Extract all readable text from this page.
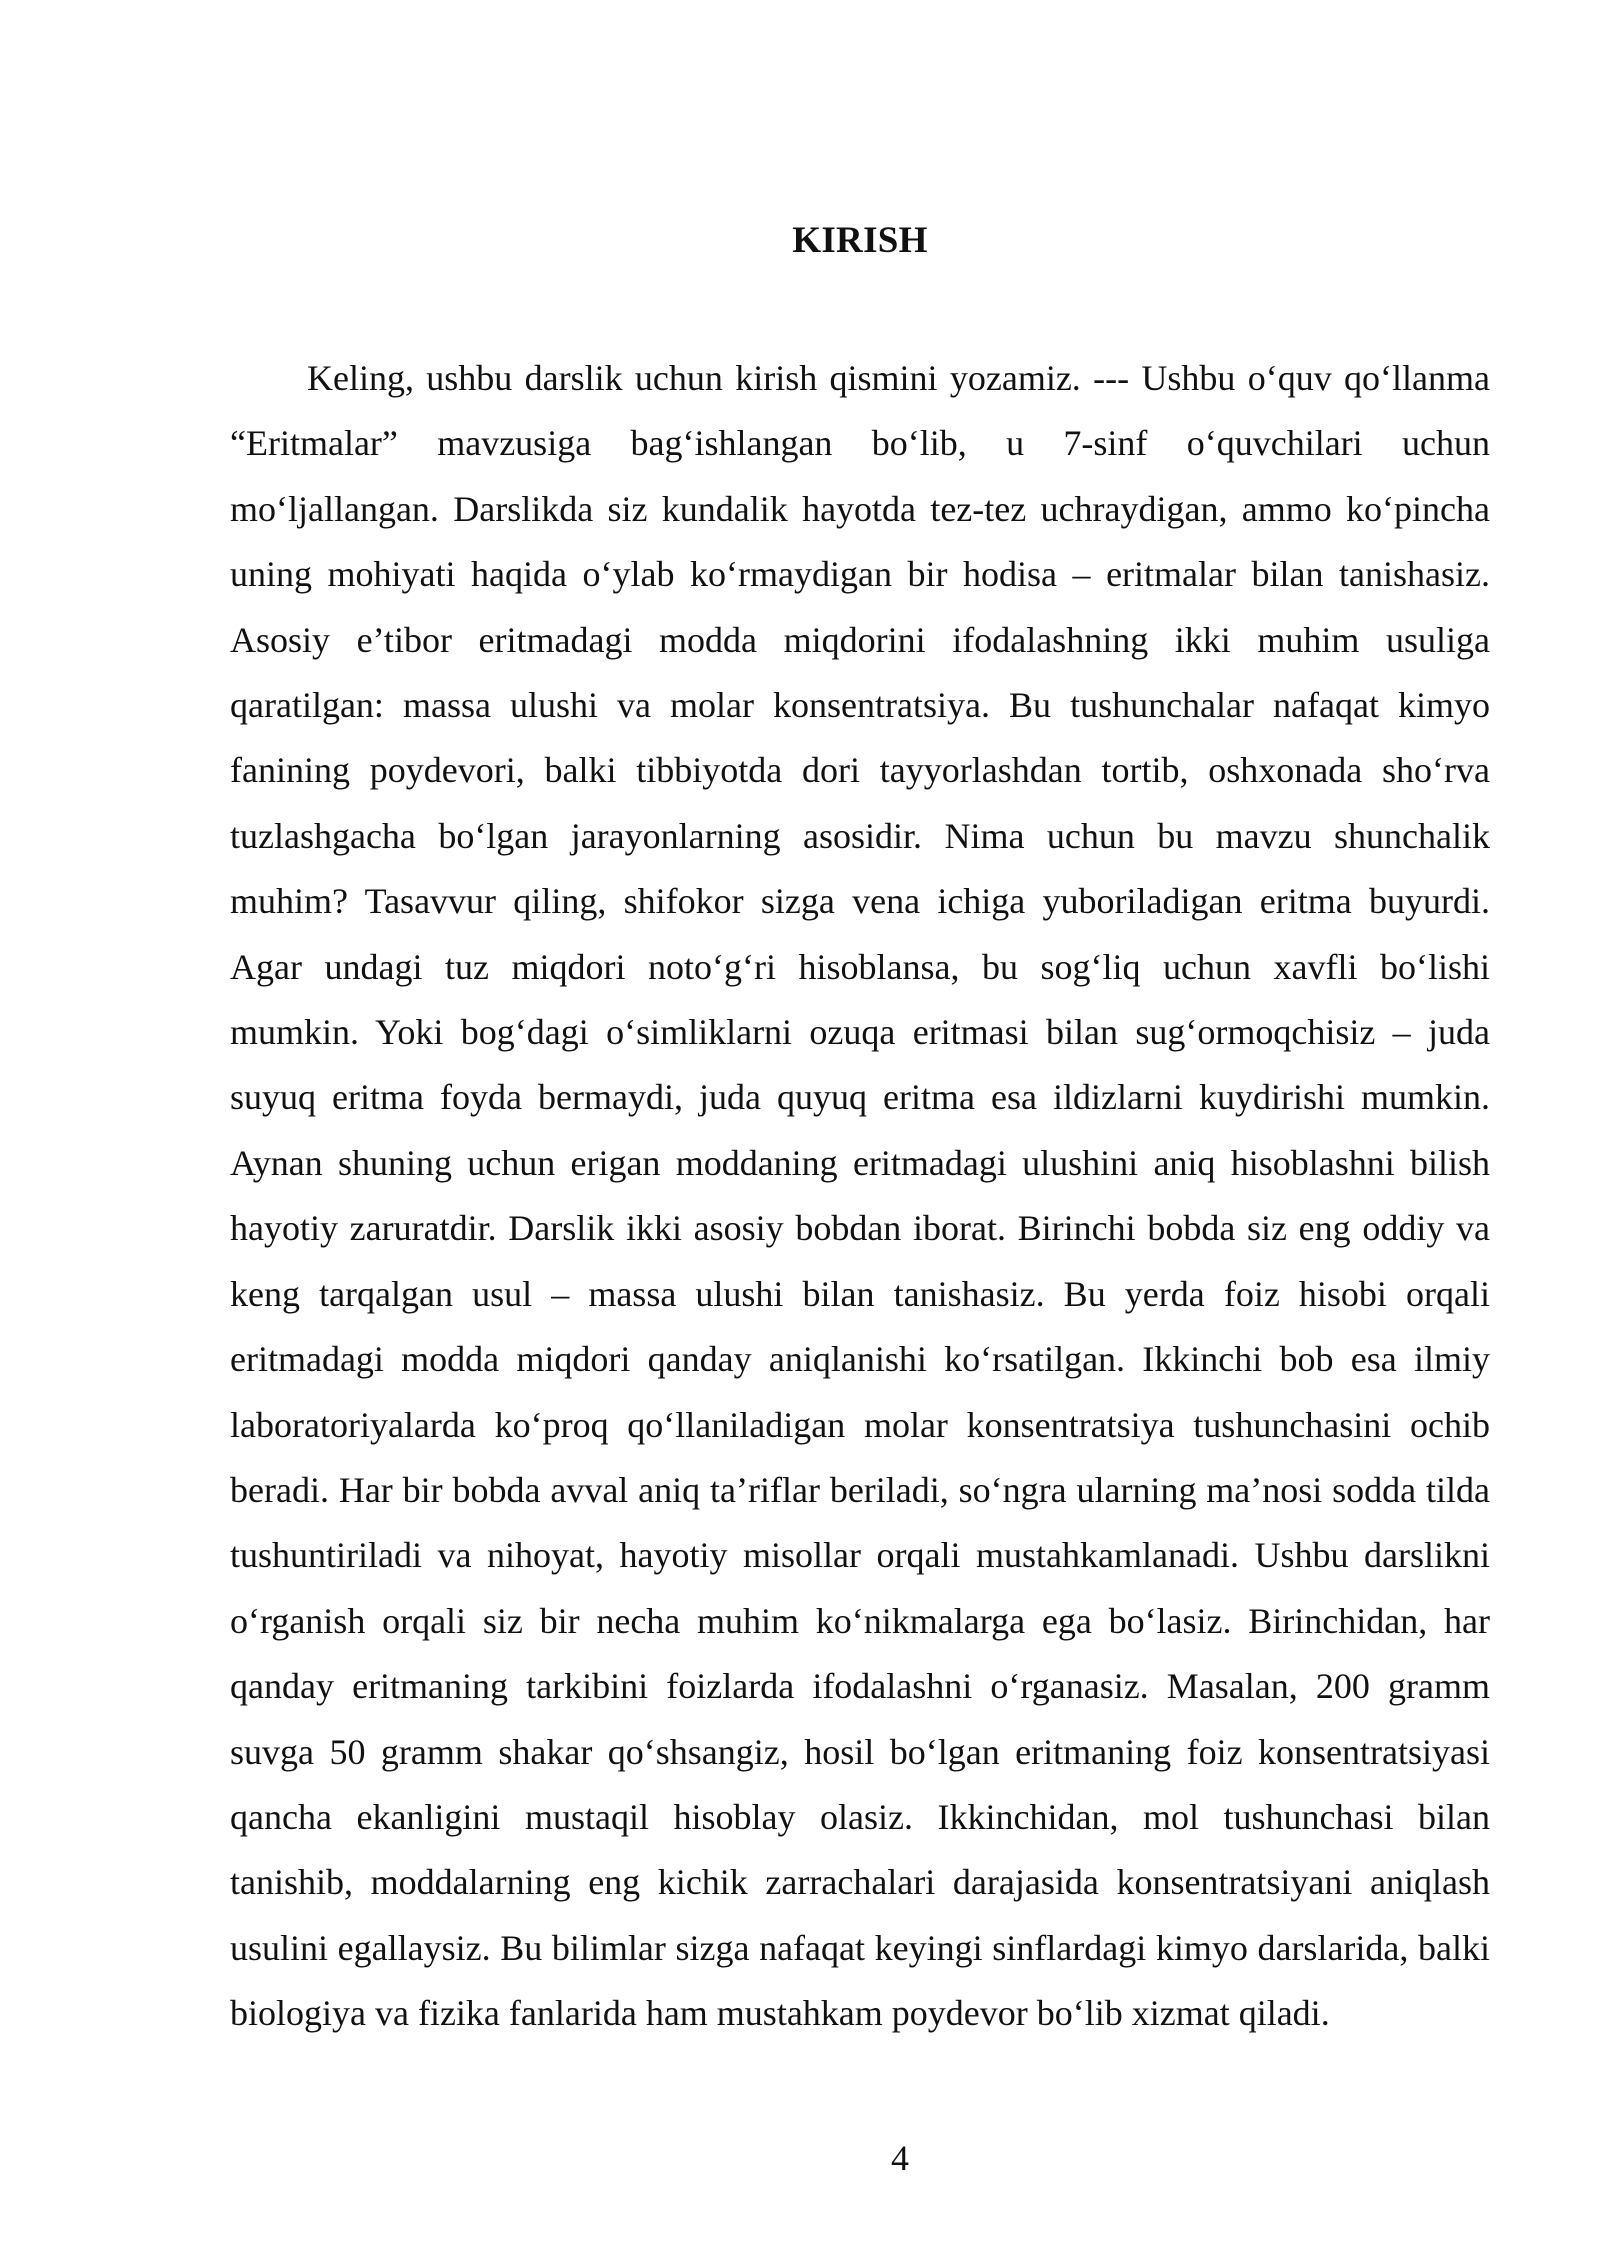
KIRISH

Keling, ushbu darslik uchun kirish qismini yozamiz. --- Ushbu o‘quv qo‘llanma “Eritmalar” mavzusiga bag‘ishlangan bo‘lib, u 7-sinf o‘quvchilari uchun mo‘ljallangan. Darslikda siz kundalik hayotda tez-tez uchraydigan, ammo ko‘pincha uning mohiyati haqida o‘ylab ko‘rmaydigan bir hodisa – eritmalar bilan tanishasiz. Asosiy e’tibor eritmadagi modda miqdorini ifodalashning ikki muhim usuliga qaratilgan: massa ulushi va molar konsentratsiya. Bu tushunchalar nafaqat kimyo fanining poydevori, balki tibbiyotda dori tayyorlashdan tortib, oshxonada sho‘rva tuzlashgacha bo‘lgan jarayonlarning asosidir. Nima uchun bu mavzu shunchalik muhim? Tasavvur qiling, shifokor sizga vena ichiga yuboriladigan eritma buyurdi. Agar undagi tuz miqdori noto‘g‘ri hisoblansa, bu sog‘liq uchun xavfli bo‘lishi mumkin. Yoki bog‘dagi o‘simliklarni ozuqa eritmasi bilan sug‘ormoqchisiz – juda suyuq eritma foyda bermaydi, juda quyuq eritma esa ildizlarni kuydirishi mumkin. Aynan shuning uchun erigan moddaning eritmadagi ulushini aniq hisoblashni bilish hayotiy zaruratdir. Darslik ikki asosiy bobdan iborat. Birinchi bobda siz eng oddiy va keng tarqalgan usul – massa ulushi bilan tanishasiz. Bu yerda foiz hisobi orqali eritmadagi modda miqdori qanday aniqlanishi ko‘rsatilgan. Ikkinchi bob esa ilmiy laboratoriyalarda ko‘proq qo‘llaniladigan molar konsentratsiya tushunchasini ochib beradi. Har bir bobda avval aniq ta’riflar beriladi, so‘ngra ularning ma’nosi sodda tilda tushuntiriladi va nihoyat, hayotiy misollar orqali mustahkamlanadi. Ushbu darslikni o‘rganish orqali siz bir necha muhim ko‘nikmalarga ega bo‘lasiz. Birinchidan, har qanday eritmaning tarkibini foizlarda ifodalashni o‘rganasiz. Masalan, 200 gramm suvga 50 gramm shakar qo‘shsangiz, hosil bo‘lgan eritmaning foiz konsentratsiyasi qancha ekanligini mustaqil hisoblay olasiz. Ikkinchidan, mol tushunchasi bilan tanishib, moddalarning eng kichik zarrachalari darajasida konsentratsiyani aniqlash usulini egallaysiz. Bu bilimlar sizga nafaqat keyingi sinflardagi kimyo darslarida, balki biologiya va fizika fanlarida ham mustahkam poydevor bo‘lib xizmat qiladi.

4
